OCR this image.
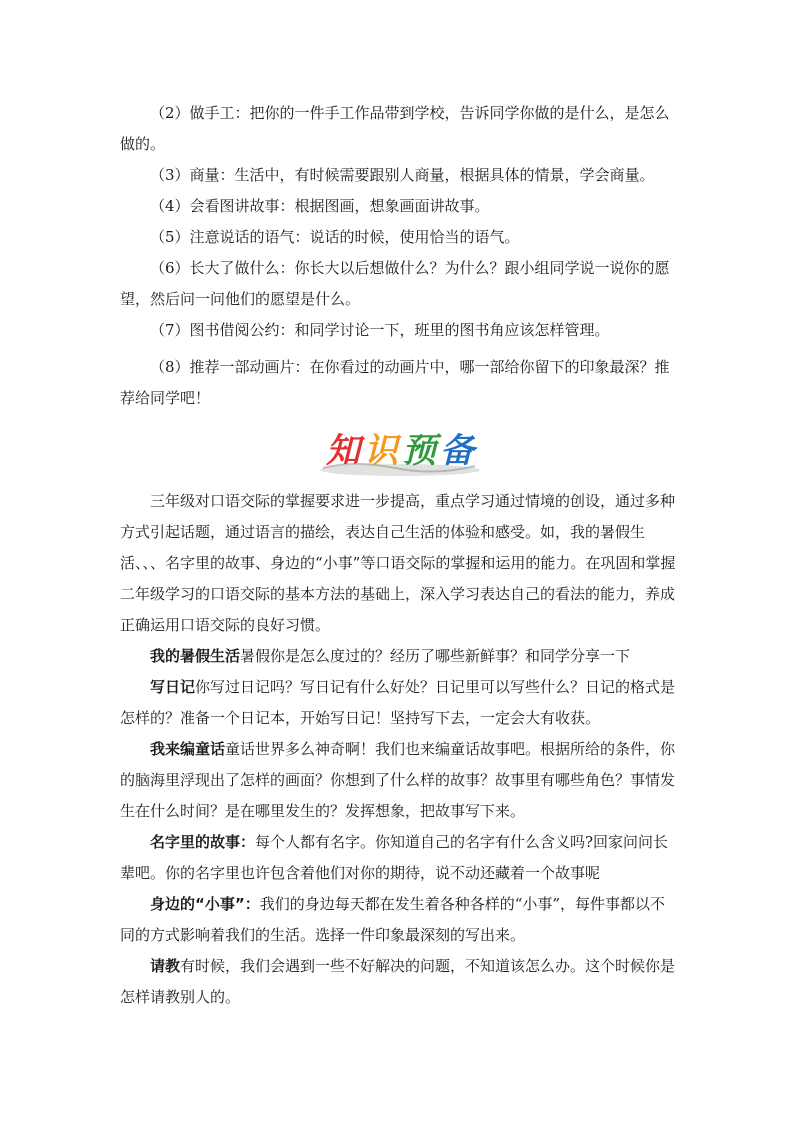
（2）做手工：把你的一件手工作品带到学校，告诉同学你做的是什么，是怎么做的。

（3）商量：生活中，有时候需要跟别人商量，根据具体的情景，学会商量。

（4）会看图讲故事：根据图画，想象画面讲故事。

（5）注意说话的语气：说话的时候，使用恰当的语气。

（6）长大了做什么：你长大以后想做什么？为什么？跟小组同学说一说你的愿望，然后问一问他们的愿望是什么。

（7）图书借阅公约：和同学讨论一下，班里的图书角应该怎样管理。

（8）推荐一部动画片：在你看过的动画片中，哪一部给你留下的印象最深？推荐给同学吧！

知 识 预 备

三年级对口语交际的掌握要求进一步提高，重点学习通过情境的创设，通过多种方式引起话题，通过语言的描绘，表达自己生活的体验和感受。如，我的暑假生活、、、名字里的故事、身边的“小事”等口语交际的掌握和运用的能力。在巩固和掌握二年级学习的口语交际的基本方法的基础上，深入学习表达自己的看法的能力，养成正确运用口语交际的良好习惯。

我的暑假生活暑假你是怎么度过的？经历了哪些新鲜事？和同学分享一下

写日记你写过日记吗？写日记有什么好处？日记里可以写些什么？日记的格式是怎样的？准备一个日记本，开始写日记！坚持写下去，一定会大有收获。

我来编童话童话世界多么神奇啊！我们也来编童话故事吧。根据所给的条件，你的脑海里浮现出了怎样的画面？你想到了什么样的故事？故事里有哪些角色？事情发生在什么时间？是在哪里发生的？发挥想象，把故事写下来。

名字里的故事：每个人都有名字。你知道自己的名字有什么含义吗?回家问问长辈吧。你的名字里也许包含着他们对你的期待，说不动还藏着一个故事呢

身边的“小事”：我们的身边每天都在发生着各种各样的“小事”，每件事都以不同的方式影响着我们的生活。选择一件印象最深刻的写出来。

请教有时候，我们会遇到一些不好解决的问题，不知道该怎么办。这个时候你是怎样请教别人的。
